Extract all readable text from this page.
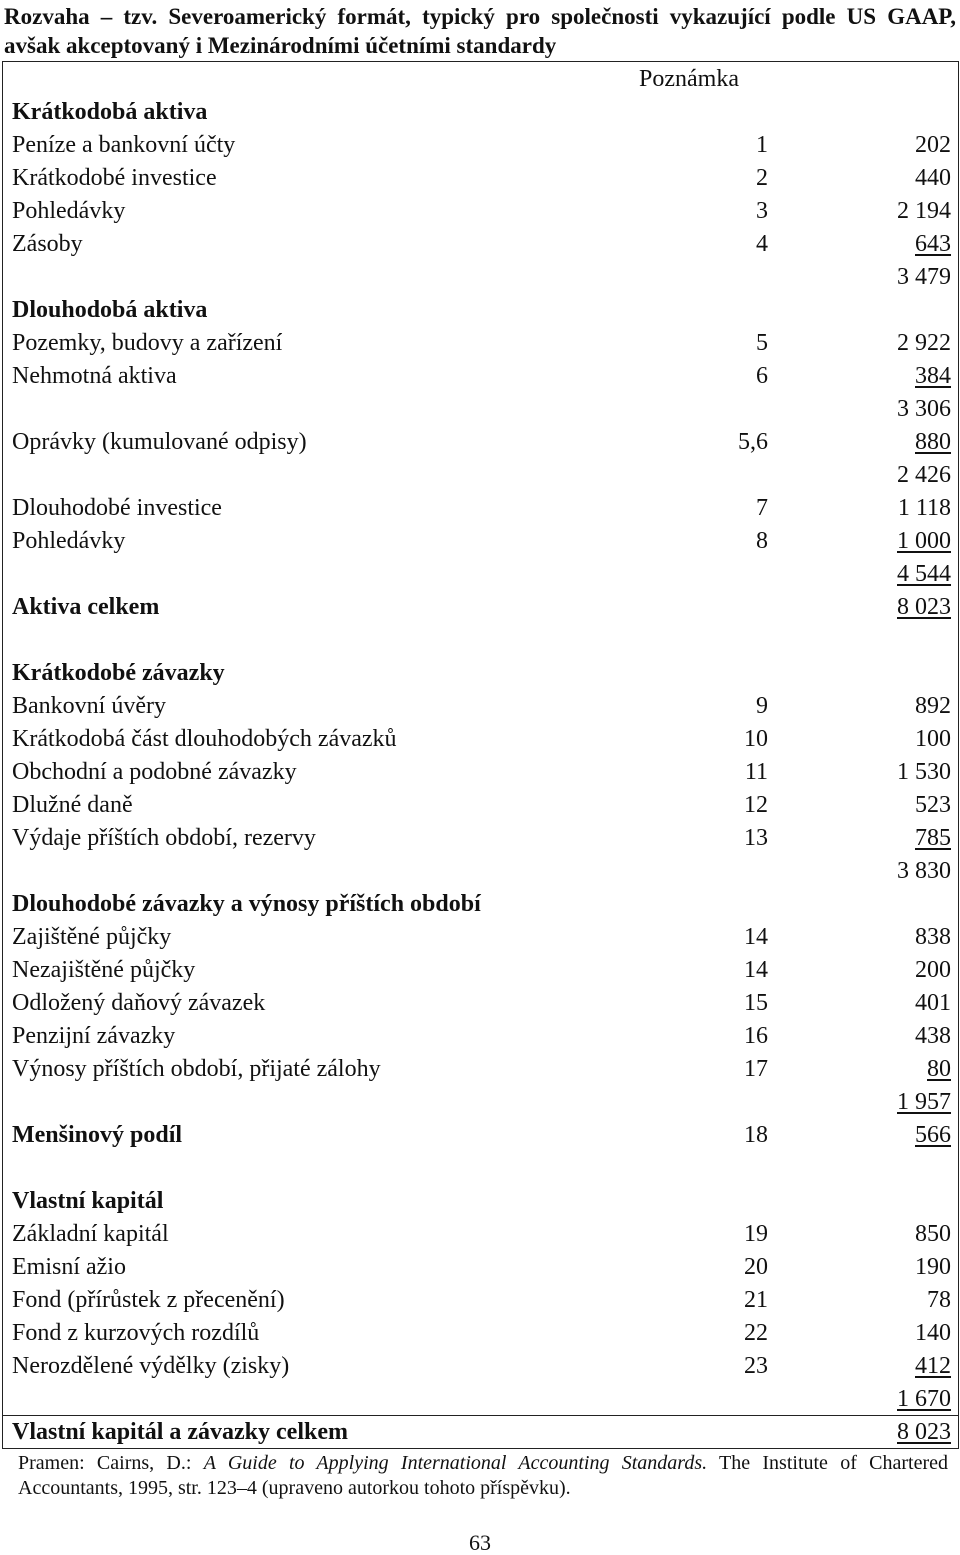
Rozvaha – tzv. Severoamerický formát, typický pro společnosti vykazující podle US GAAP, avšak akceptovaný i Mezinárodními účetními standardy
Poznámka
Krátkodobá aktiva
Peníze a bankovní účty	1	202
Krátkodobé investice	2	440
Pohledávky	3	2 194
Zásoby	4	643
3 479
Dlouhodobá aktiva
Pozemky, budovy a zařízení	5	2 922
Nehmotná aktiva	6	384
3 306
Oprávky (kumulované odpisy)	5,6	880
2 426
Dlouhodobé investice	7	1 118
Pohledávky	8	1 000
4 544
Aktiva celkem	8 023
Krátkodobé závazky
Bankovní úvěry	9	892
Krátkodobá část dlouhodobých závazků	10	100
Obchodní a podobné závazky	11	1 530
Dlužné daně	12	523
Výdaje příštích období, rezervy	13	785
3 830
Dlouhodobé závazky a výnosy příštích období
Zajištěné půjčky	14	838
Nezajištěné půjčky	14	200
Odložený daňový závazek	15	401
Penzijní závazky	16	438
Výnosy příštích období, přijaté zálohy	17	80
1 957
Menšinový podíl	18	566
Vlastní kapitál
Základní kapitál	19	850
Emisní ažio	20	190
Fond (přírůstek z přecenění)	21	78
Fond z kurzových rozdílů	22	140
Nerozdělené výdělky (zisky)	23	412
1 670
Vlastní kapitál a závazky celkem	8 023
Pramen: Cairns, D.: A Guide to Applying International Accounting Standards. The Institute of Chartered Accountants, 1995, str. 123–4 (upraveno autorkou tohoto příspěvku).
63
